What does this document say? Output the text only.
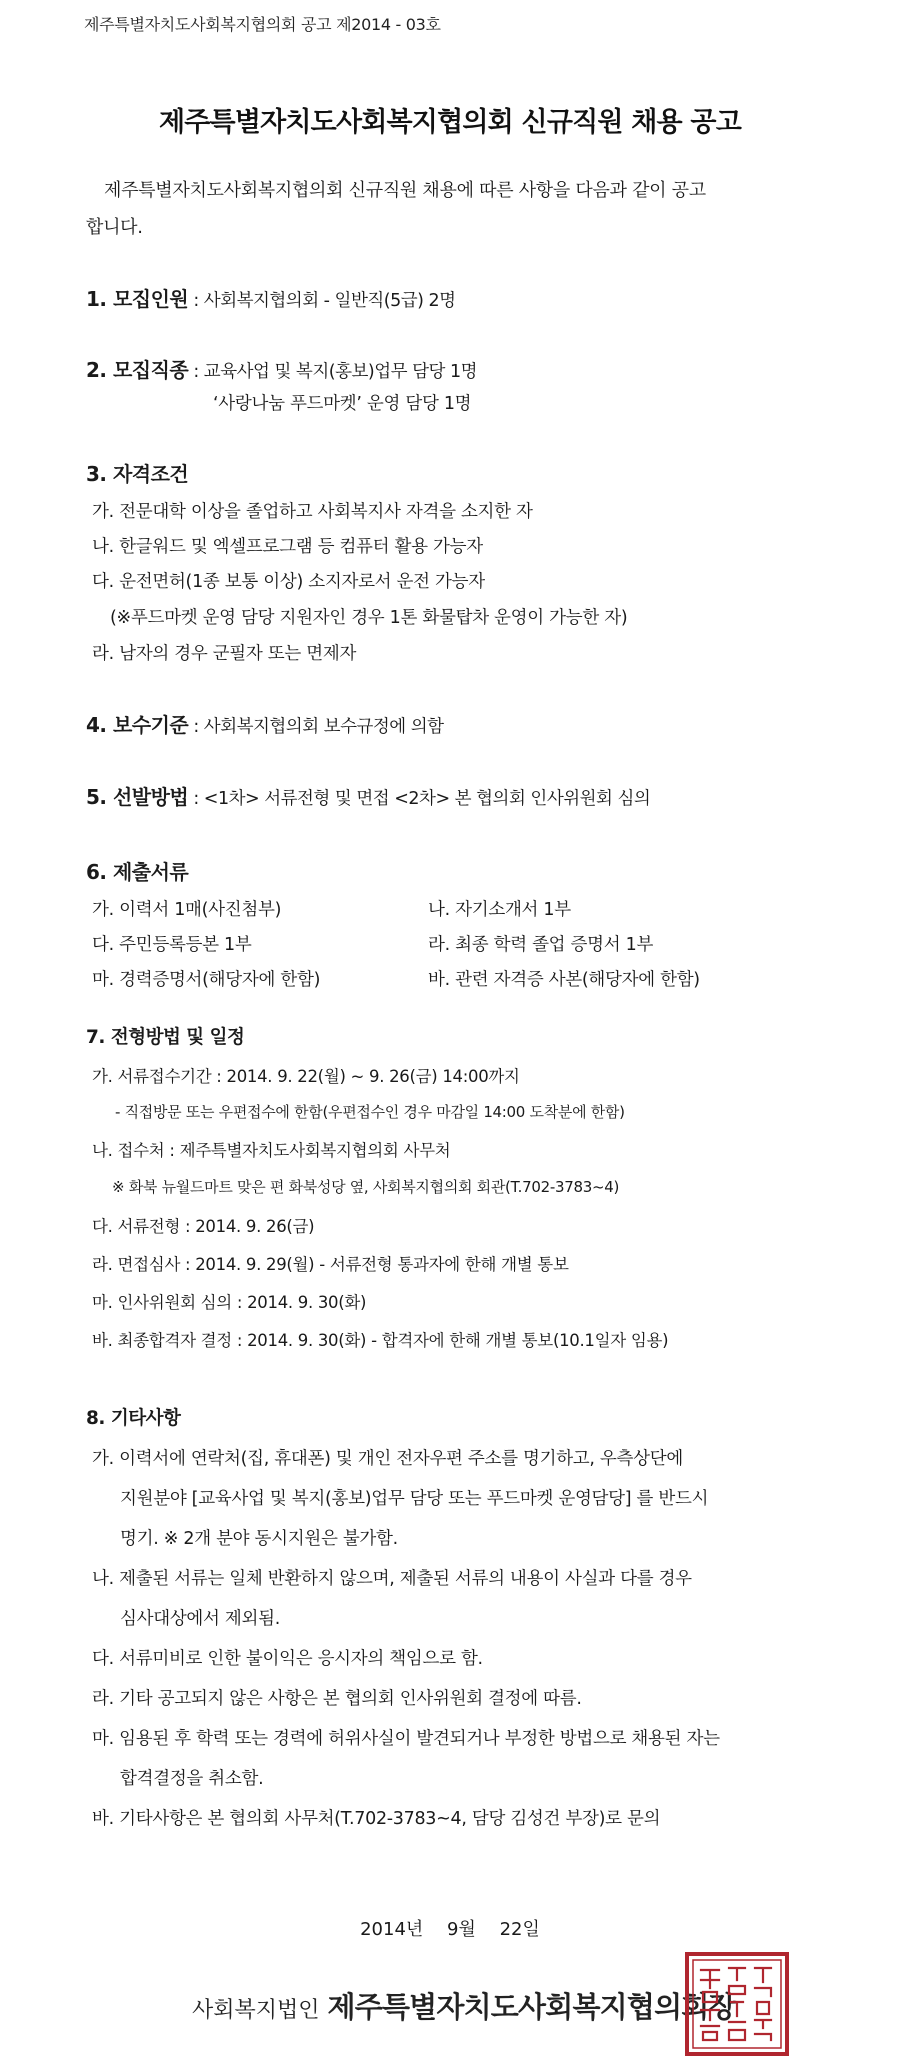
제주특별자치도사회복지협의회 공고 제2014 - 03호
제주특별자치도사회복지협의회 신규직원 채용 공고
제주특별자치도사회복지협의회 신규직원 채용에 따른 사항을 다음과 같이 공고
합니다.
1. 모집인원 : 사회복지협의회 - 일반직(5급) 2명
2. 모집직종 : 교육사업 및 복지(홍보)업무 담당 1명
‘사랑나눔 푸드마켓’ 운영 담당 1명
3. 자격조건
가. 전문대학 이상을 졸업하고 사회복지사 자격을 소지한 자
나. 한글워드 및 엑셀프로그램 등 컴퓨터 활용 가능자
다. 운전면허(1종 보통 이상) 소지자로서 운전 가능자
(※푸드마켓 운영 담당 지원자인 경우 1톤 화물탑차 운영이 가능한 자)
라. 남자의 경우 군필자 또는 면제자
4. 보수기준 : 사회복지협의회 보수규정에 의함
5. 선발방법 : <1차> 서류전형 및 면접 <2차> 본 협의회 인사위원회 심의
6. 제출서류
가. 이력서 1매(사진첨부)
다. 주민등록등본 1부
마. 경력증명서(해당자에 한함)
나. 자기소개서 1부
라. 최종 학력 졸업 증명서 1부
바. 관련 자격증 사본(해당자에 한함)
7. 전형방법 및 일정
가. 서류접수기간 : 2014. 9. 22(월) ~ 9. 26(금) 14:00까지
- 직접방문 또는 우편접수에 한함(우편접수인 경우 마감일 14:00 도착분에 한함)
나. 접수처 : 제주특별자치도사회복지협의회 사무처
※ 화북 뉴월드마트 맞은 편 화북성당 옆, 사회복지협의회 회관(T.702-3783~4)
다. 서류전형 : 2014. 9. 26(금)
라. 면접심사 : 2014. 9. 29(월) - 서류전형 통과자에 한해 개별 통보
마. 인사위원회 심의 : 2014. 9. 30(화)
바. 최종합격자 결정 : 2014. 9. 30(화) - 합격자에 한해 개별 통보(10.1일자 임용)
8. 기타사항
가. 이력서에 연락처(집, 휴대폰) 및 개인 전자우편 주소를 명기하고, 우측상단에
지원분야 [교육사업 및 복지(홍보)업무 담당 또는 푸드마켓 운영담당] 를 반드시
명기. ※ 2개 분야 동시지원은 불가함.
나. 제출된 서류는 일체 반환하지 않으며, 제출된 서류의 내용이 사실과 다를 경우
심사대상에서 제외됨.
다. 서류미비로 인한 불이익은 응시자의 책임으로 함.
라. 기타 공고되지 않은 사항은 본 협의회 인사위원회 결정에 따름.
마. 임용된 후 학력 또는 경력에 허위사실이 발견되거나 부정한 방법으로 채용된 자는
합격결정을 취소함.
바. 기타사항은 본 협의회 사무처(T.702-3783~4, 담당 김성건 부장)로 문의
2014년 9월 22일
사회복지법인 제주특별자치도사회복지협의회장
